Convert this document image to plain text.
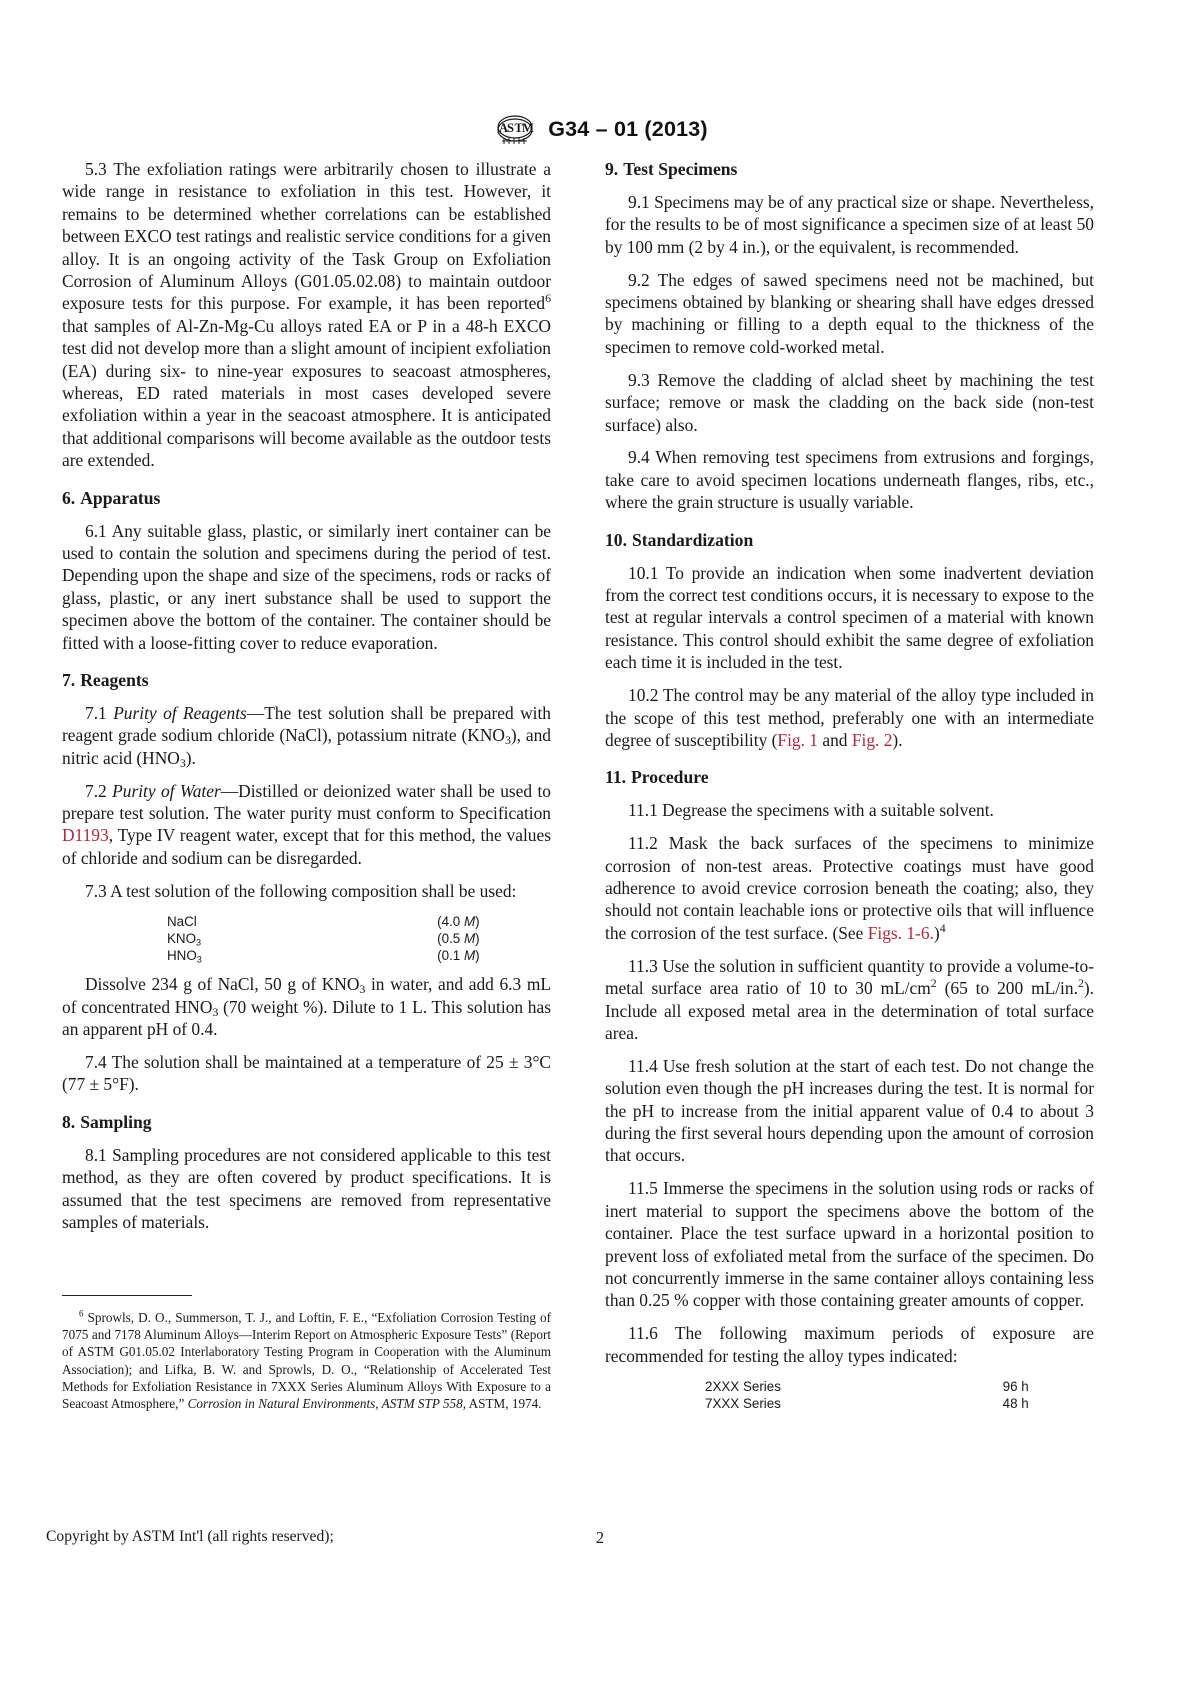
A
S T M G34 – 01 (2013)

5.3 The exfoliation ratings were arbitrarily chosen to illustrate a wide range in resistance to exfoliation in this test. However, it remains to be determined whether correlations can be established between EXCO test ratings and realistic service conditions for a given alloy. It is an ongoing activity of the Task Group on Exfoliation Corrosion of Aluminum Alloys (G01.05.02.08) to maintain outdoor exposure tests for this purpose. For example, it has been reported$^6$ that samples of Al-Zn-Mg-Cu alloys rated EA or P in a 48-h EXCO test did not develop more than a slight amount of incipient exfoliation (EA) during six- to nine-year exposures to seacoast atmospheres, whereas, ED rated materials in most cases developed severe exfoliation within a year in the seacoast atmosphere. It is anticipated that additional comparisons will become available as the outdoor tests are extended.

6. Apparatus

6.1 Any suitable glass, plastic, or similarly inert container can be used to contain the solution and specimens during the period of test. Depending upon the shape and size of the specimens, rods or racks of glass, plastic, or any inert substance shall be used to support the specimen above the bottom of the container. The container should be fitted with a loose-fitting cover to reduce evaporation.

7. Reagents

7.1 Purity of Reagents—The test solution shall be prepared with reagent grade sodium chloride (NaCl), potassium nitrate $(KNO_3)$, and nitric acid $(HNO_3)$.

7.2 Purity of Water—Distilled or deionized water shall be used to prepare test solution. The water purity must conform to Specification D1193, Type IV reagent water, except that for this method, the values of chloride and sodium can be disregarded.

7.3 A test solution of the following composition shall be used:

NaCl	(4.0 M)
$KNO_3$	(0.5 M)
$HNO_3$	(0.1 M)

Dissolve 234 g of NaCl, 50 g of $KNO_3$ in water, and add 6.3 mL of concentrated $HNO_3$ (70 weight %). Dilute to 1 L. This solution has an apparent pH of 0.4.

7.4 The solution shall be maintained at a temperature of 25 ± 3°C (77 ± 5°F).

8. Sampling

8.1 Sampling procedures are not considered applicable to this test method, as they are often covered by product specifications. It is assumed that the test specimens are removed from representative samples of materials.

$^6$ Sprowls, D. O., Summerson, T. J., and Loftin, F. E., “Exfoliation Corrosion Testing of 7075 and 7178 Aluminum Alloys—Interim Report on Atmospheric Exposure Tests” (Report of ASTM G01.05.02 Interlaboratory Testing Program in Cooperation with the Aluminum Association); and Lifka, B. W. and Sprowls, D. O., “Relationship of Accelerated Test Methods for Exfoliation Resistance in 7XXX Series Aluminum Alloys With Exposure to a Seacoast Atmosphere,” Corrosion in Natural Environments, ASTM STP 558, ASTM, 1974.

9. Test Specimens

9.1 Specimens may be of any practical size or shape. Nevertheless, for the results to be of most significance a specimen size of at least 50 by 100 mm (2 by 4 in.), or the equivalent, is recommended.

9.2 The edges of sawed specimens need not be machined, but specimens obtained by blanking or shearing shall have edges dressed by machining or filling to a depth equal to the thickness of the specimen to remove cold-worked metal.

9.3 Remove the cladding of alclad sheet by machining the test surface; remove or mask the cladding on the back side (non-test surface) also.

9.4 When removing test specimens from extrusions and forgings, take care to avoid specimen locations underneath flanges, ribs, etc., where the grain structure is usually variable.

10. Standardization

10.1 To provide an indication when some inadvertent deviation from the correct test conditions occurs, it is necessary to expose to the test at regular intervals a control specimen of a material with known resistance. This control should exhibit the same degree of exfoliation each time it is included in the test.

10.2 The control may be any material of the alloy type included in the scope of this test method, preferably one with an intermediate degree of susceptibility (Fig. 1 and Fig. 2).

11. Procedure

11.1 Degrease the specimens with a suitable solvent.

11.2 Mask the back surfaces of the specimens to minimize corrosion of non-test areas. Protective coatings must have good adherence to avoid crevice corrosion beneath the coating; also, they should not contain leachable ions or protective oils that will influence the corrosion of the test surface. (See Figs. 1-6.)$^4$

11.3 Use the solution in sufficient quantity to provide a volume-to-metal surface area ratio of 10 to 30 $mL/cm^2$ (65 to 200 mL/in.$^2$). Include all exposed metal area in the determination of total surface area.

11.4 Use fresh solution at the start of each test. Do not change the solution even though the pH increases during the test. It is normal for the pH to increase from the initial apparent value of 0.4 to about 3 during the first several hours depending upon the amount of corrosion that occurs.

11.5 Immerse the specimens in the solution using rods or racks of inert material to support the specimens above the bottom of the container. Place the test surface upward in a horizontal position to prevent loss of exfoliated metal from the surface of the specimen. Do not concurrently immerse in the same container alloys containing less than 0.25 % copper with those containing greater amounts of copper.

11.6 The following maximum periods of exposure are recommended for testing the alloy types indicated:

2XXX Series	96 h
7XXX Series	48 h
Copyright by ASTM Int'l (all rights reserved);	2
